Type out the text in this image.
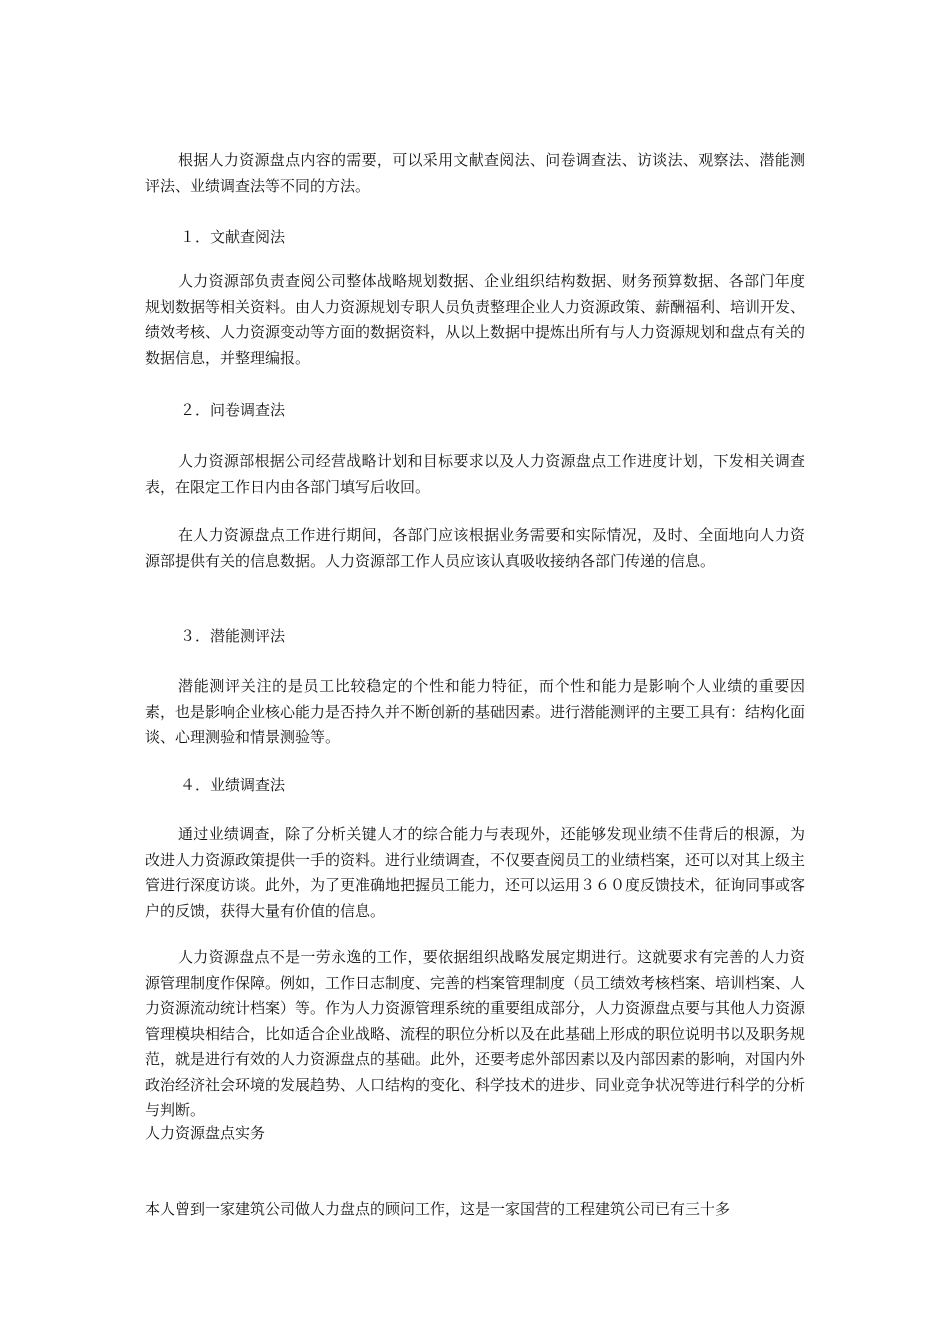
根据人力资源盘点内容的需要，可以采用文献查阅法、问卷调查法、访谈法、观察法、潜能测评法、业绩调查法等不同的方法。

１．文献查阅法

人力资源部负责查阅公司整体战略规划数据、企业组织结构数据、财务预算数据、各部门年度规划数据等相关资料。由人力资源规划专职人员负责整理企业人力资源政策、薪酬福利、培训开发、绩效考核、人力资源变动等方面的数据资料，从以上数据中提炼出所有与人力资源规划和盘点有关的数据信息，并整理编报。

２．问卷调查法

人力资源部根据公司经营战略计划和目标要求以及人力资源盘点工作进度计划，下发相关调查表，在限定工作日内由各部门填写后收回。

在人力资源盘点工作进行期间，各部门应该根据业务需要和实际情况，及时、全面地向人力资源部提供有关的信息数据。人力资源部工作人员应该认真吸收接纳各部门传递的信息。

３．潜能测评法

潜能测评关注的是员工比较稳定的个性和能力特征，而个性和能力是影响个人业绩的重要因素，也是影响企业核心能力是否持久并不断创新的基础因素。进行潜能测评的主要工具有：结构化面谈、心理测验和情景测验等。

４．业绩调查法

通过业绩调查，除了分析关键人才的综合能力与表现外，还能够发现业绩不佳背后的根源，为改进人力资源政策提供一手的资料。进行业绩调查，不仅要查阅员工的业绩档案，还可以对其上级主管进行深度访谈。此外，为了更准确地把握员工能力，还可以运用３６０度反馈技术，征询同事或客户的反馈，获得大量有价值的信息。

人力资源盘点不是一劳永逸的工作，要依据组织战略发展定期进行。这就要求有完善的人力资源管理制度作保障。例如，工作日志制度、完善的档案管理制度（员工绩效考核档案、培训档案、人力资源流动统计档案）等。作为人力资源管理系统的重要组成部分，人力资源盘点要与其他人力资源管理模块相结合，比如适合企业战略、流程的职位分析以及在此基础上形成的职位说明书以及职务规范，就是进行有效的人力资源盘点的基础。此外，还要考虑外部因素以及内部因素的影响，对国内外政治经济社会环境的发展趋势、人口结构的变化、科学技术的进步、同业竞争状况等进行科学的分析与判断。

人力资源盘点实务

本人曾到一家建筑公司做人力盘点的顾问工作，这是一家国营的工程建筑公司已有三十多
